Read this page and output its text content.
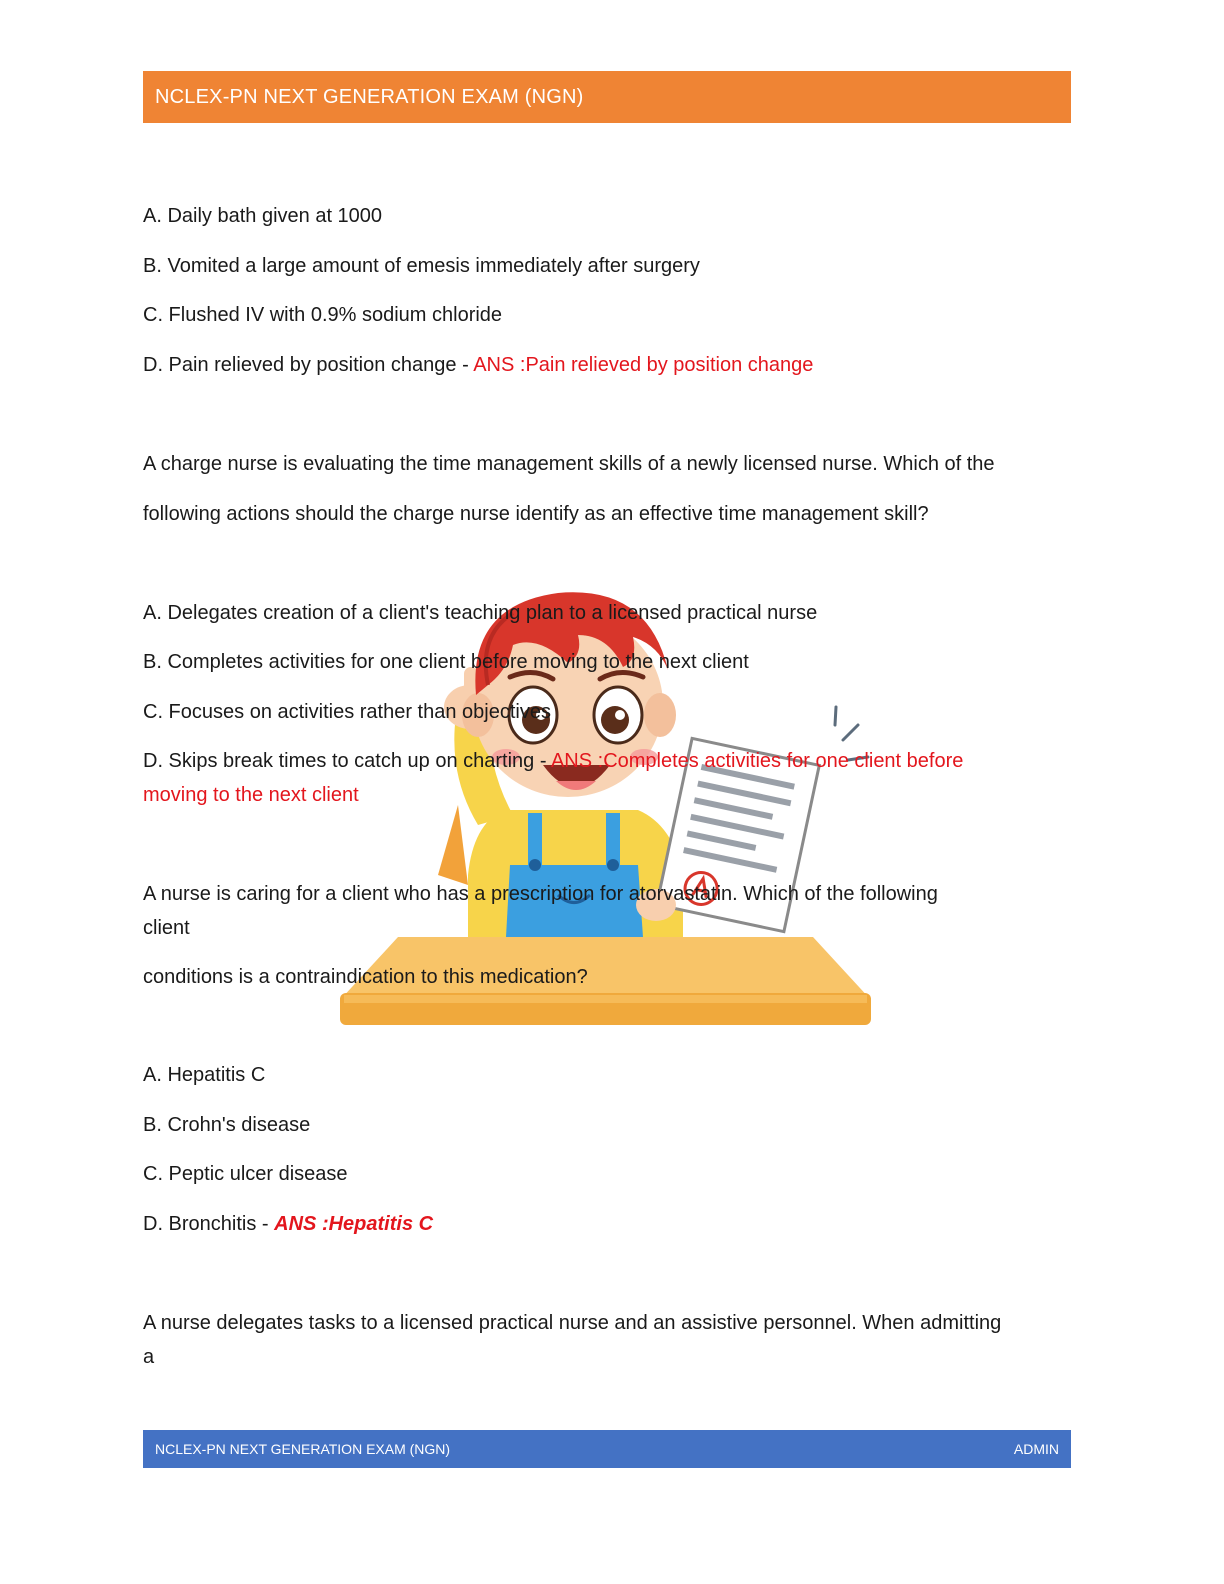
NCLEX-PN NEXT GENERATION EXAM (NGN)
A. Daily bath given at 1000
B. Vomited a large amount of emesis immediately after surgery
C. Flushed IV with 0.9% sodium chloride
D. Pain relieved by position change - ANS :Pain relieved by position change
A charge nurse is evaluating the time management skills of a newly licensed nurse. Which of the
following actions should the charge nurse identify as an effective time management skill?
A. Delegates creation of a client's teaching plan to a licensed practical nurse
B. Completes activities for one client before moving to the next client
C. Focuses on activities rather than objectives
D. Skips break times to catch up on charting - ANS :Completes activities for one client before
moving to the next client
A nurse is caring for a client who has a prescription for atorvastatin. Which of the following
client
conditions is a contraindication to this medication?
A. Hepatitis C
B. Crohn's disease
C. Peptic ulcer disease
D. Bronchitis - ANS :Hepatitis C
A nurse delegates tasks to a licensed practical nurse and an assistive personnel. When admitting
a
NCLEX-PN NEXT GENERATION EXAM (NGN)	ADMIN
